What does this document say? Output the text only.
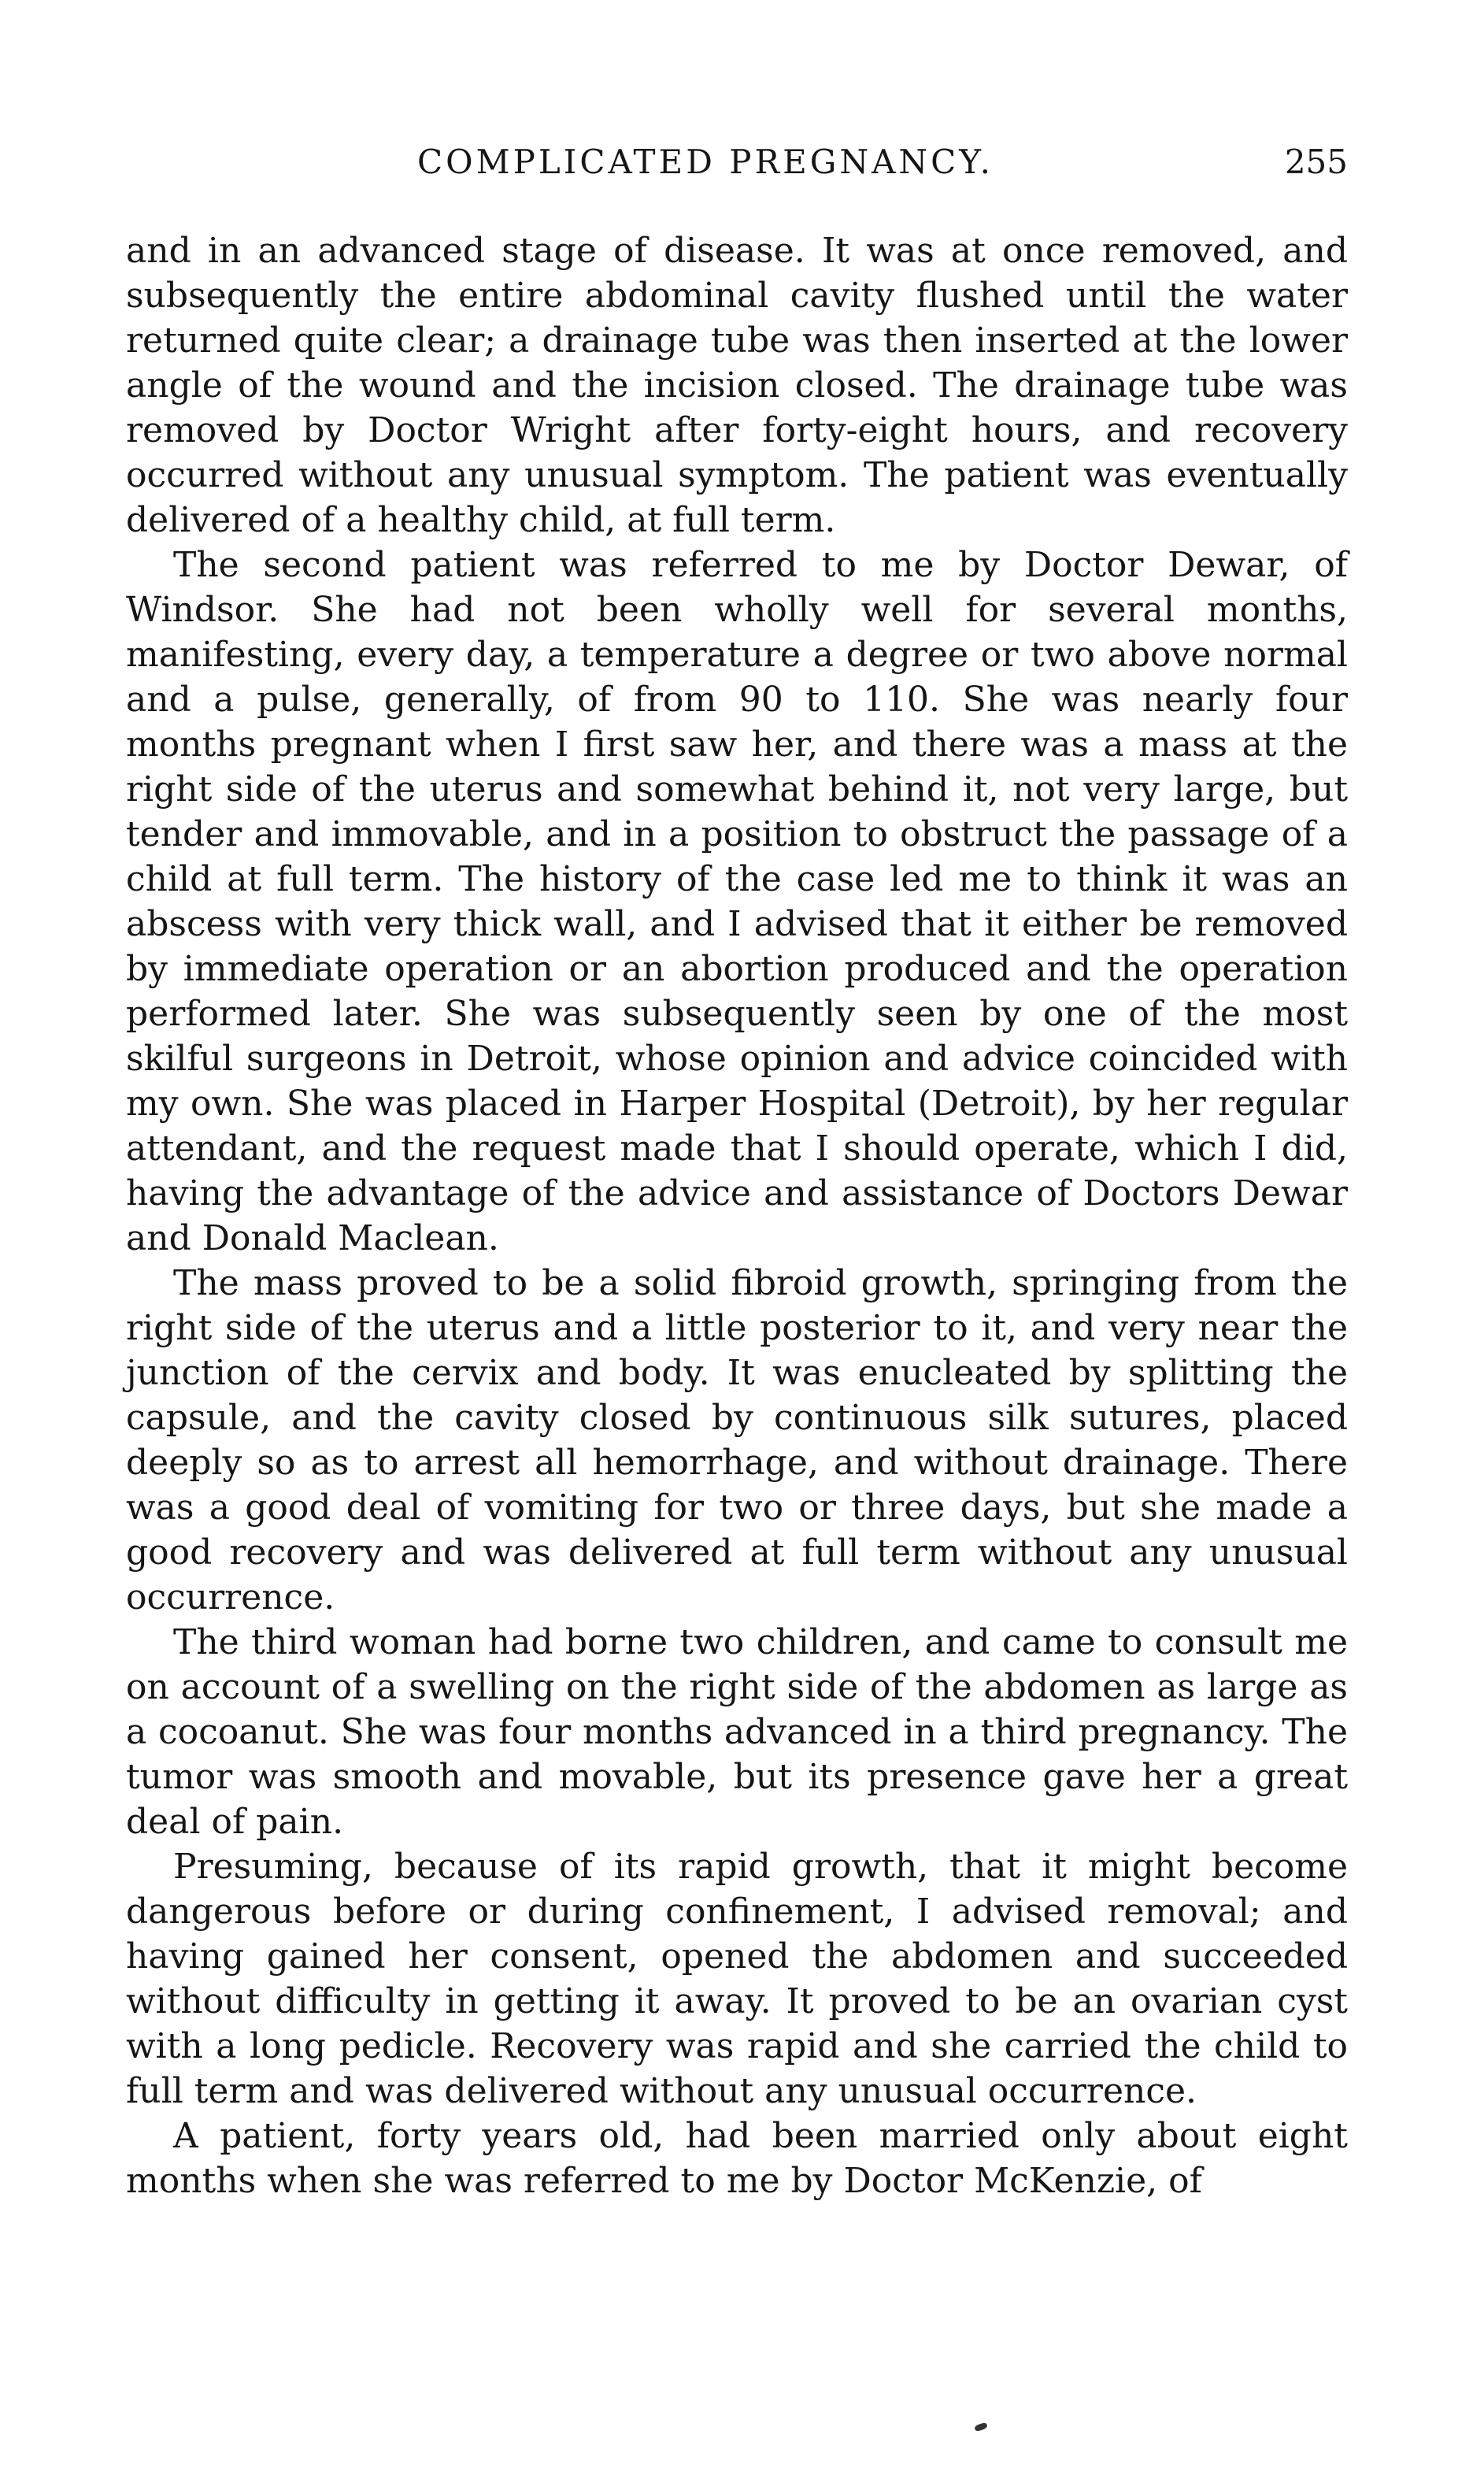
COMPLICATED PREGNANCY.	255

and in an advanced stage of disease. It was at once removed, and subsequently the entire abdominal cavity flushed until the water returned quite clear; a drainage tube was then inserted at the lower angle of the wound and the incision closed. The drainage tube was removed by Doctor Wright after forty-eight hours, and recovery occurred without any unusual symptom. The patient was eventually delivered of a healthy child, at full term.

The second patient was referred to me by Doctor Dewar, of Windsor. She had not been wholly well for several months, manifesting, every day, a temperature a degree or two above normal and a pulse, generally, of from 90 to 110. She was nearly four months pregnant when I first saw her, and there was a mass at the right side of the uterus and somewhat behind it, not very large, but tender and immovable, and in a position to obstruct the passage of a child at full term. The history of the case led me to think it was an abscess with very thick wall, and I advised that it either be removed by immediate operation or an abortion produced and the operation performed later. She was subsequently seen by one of the most skilful surgeons in Detroit, whose opinion and advice coincided with my own. She was placed in Harper Hospital (Detroit), by her regular attendant, and the request made that I should operate, which I did, having the advantage of the advice and assistance of Doctors Dewar and Donald Maclean.

The mass proved to be a solid fibroid growth, springing from the right side of the uterus and a little posterior to it, and very near the junction of the cervix and body. It was enucleated by splitting the capsule, and the cavity closed by continuous silk sutures, placed deeply so as to arrest all hemorrhage, and without drainage. There was a good deal of vomiting for two or three days, but she made a good recovery and was delivered at full term without any unusual occurrence.

The third woman had borne two children, and came to consult me on account of a swelling on the right side of the abdomen as large as a cocoanut. She was four months advanced in a third pregnancy. The tumor was smooth and movable, but its presence gave her a great deal of pain.

Presuming, because of its rapid growth, that it might become dangerous before or during confinement, I advised removal; and having gained her consent, opened the abdomen and succeeded without difficulty in getting it away. It proved to be an ovarian cyst with a long pedicle. Recovery was rapid and she carried the child to full term and was delivered without any unusual occurrence.

A patient, forty years old, had been married only about eight months when she was referred to me by Doctor McKenzie, of
